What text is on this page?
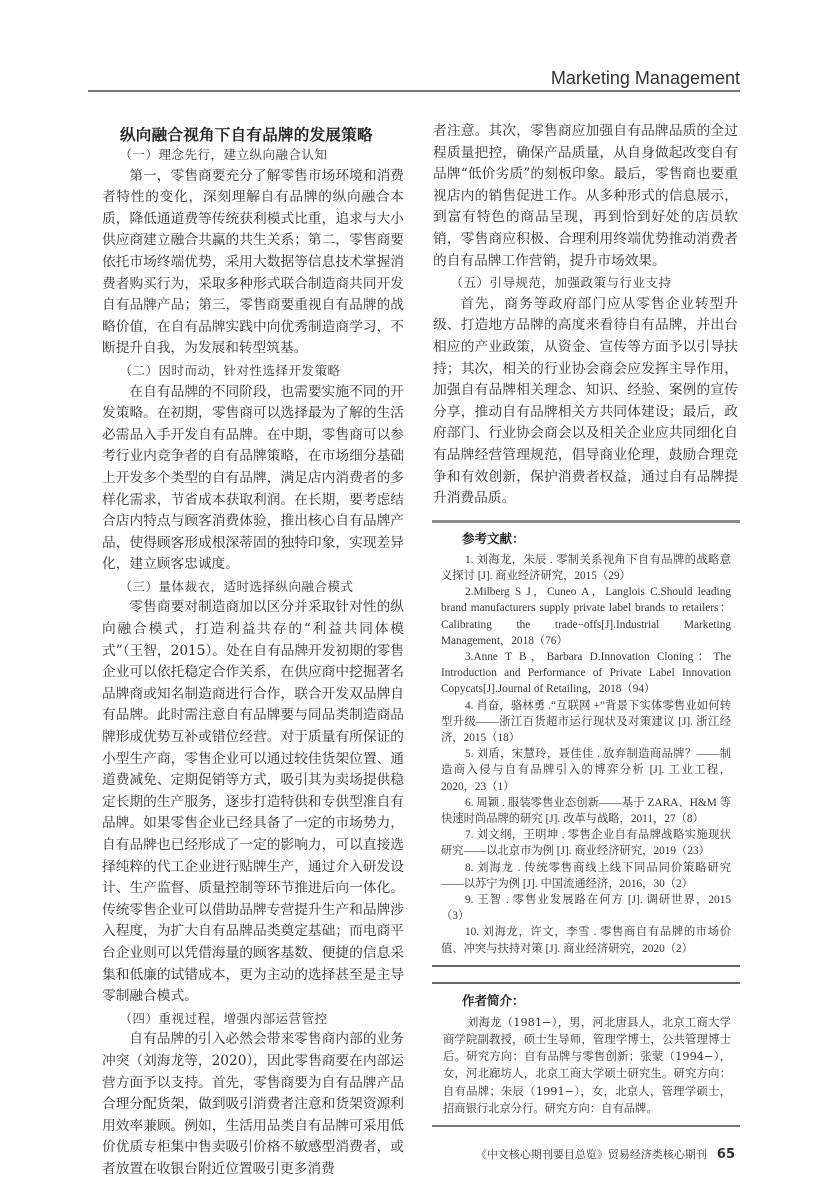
Marketing Management
纵向融合视角下自有品牌的发展策略
（一）理念先行，建立纵向融合认知

第一，零售商要充分了解零售市场环境和消费者特性的变化，深刻理解自有品牌的纵向融合本质，降低通道费等传统获利模式比重，追求与大小供应商建立融合共赢的共生关系；第二，零售商要依托市场终端优势，采用大数据等信息技术掌握消费者购买行为，采取多种形式联合制造商共同开发自有品牌产品；第三，零售商要重视自有品牌的战略价值，在自有品牌实践中向优秀制造商学习，不断提升自我，为发展和转型筑基。

（二）因时而动，针对性选择开发策略

在自有品牌的不同阶段，也需要实施不同的开发策略。在初期，零售商可以选择最为了解的生活必需品入手开发自有品牌。在中期，零售商可以参考行业内竞争者的自有品牌策略，在市场细分基础上开发多个类型的自有品牌，满足店内消费者的多样化需求，节省成本获取利润。在长期，要考虑结合店内特点与顾客消费体验，推出核心自有品牌产品，使得顾客形成根深蒂固的独特印象，实现差异化，建立顾客忠诚度。

（三）量体裁衣，适时选择纵向融合模式

零售商要对制造商加以区分并采取针对性的纵向融合模式，打造利益共存的“利益共同体模式”（王智，2015）。处在自有品牌开发初期的零售企业可以依托稳定合作关系，在供应商中挖掘著名品牌商或知名制造商进行合作，联合开发双品牌自有品牌。此时需注意自有品牌要与同品类制造商品牌形成优势互补或错位经营。对于质量有所保证的小型生产商，零售企业可以通过较佳货架位置、通道费减免、定期促销等方式，吸引其为卖场提供稳定长期的生产服务，逐步打造特供和专供型准自有品牌。如果零售企业已经具备了一定的市场势力，自有品牌也已经形成了一定的影响力，可以直接选择纯粹的代工企业进行贴牌生产，通过介入研发设计、生产监督、质量控制等环节推进后向一体化。传统零售企业可以借助品牌专营提升生产和品牌涉入程度，为扩大自有品牌品类奠定基础；而电商平台企业则可以凭借海量的顾客基数、便捷的信息采集和低廉的试错成本，更为主动的选择甚至是主导零制融合模式。

（四）重视过程，增强内部运营管控

自有品牌的引入必然会带来零售商内部的业务冲突（刘海龙等，2020），因此零售商要在内部运营方面予以支持。首先，零售商要为自有品牌产品合理分配货架，做到吸引消费者注意和货架资源利用效率兼顾。例如，生活用品类自有品牌可采用低价优质专柜集中售卖吸引价格不敏感型消费者，或者放置在收银台附近位置吸引更多消费

者注意。其次，零售商应加强自有品牌品质的全过程质量把控，确保产品质量，从自身做起改变自有品牌“低价劣质”的刻板印象。最后，零售商也要重视店内的销售促进工作。从多种形式的信息展示，到富有特色的商品呈现，再到恰到好处的店员软销，零售商应积极、合理利用终端优势推动消费者的自有品牌工作营销，提升市场效果。

（五）引导规范，加强政策与行业支持

首先，商务等政府部门应从零售企业转型升级、打造地方品牌的高度来看待自有品牌，并出台相应的产业政策，从资金、宣传等方面予以引导扶持；其次，相关的行业协会商会应发挥主导作用，加强自有品牌相关理念、知识、经验、案例的宣传分享，推动自有品牌相关方共同体建设；最后，政府部门、行业协会商会以及相关企业应共同细化自有品牌经营管理规范，倡导商业伦理，鼓励合理竞争和有效创新，保护消费者权益，通过自有品牌提升消费品质。

参考文献：

1. 刘海龙，朱辰 . 零制关系视角下自有品牌的战略意义探讨 [J]. 商业经济研究，2015（29）

2.Milberg S J，Cuneo A，Langlois C.Should leading brand manufacturers supply private label brands to retailers：Calibrating the trade−offs[J].Industrial Marketing Management，2018（76）

3.Anne T B，Barbara D.Innovation Cloning：The Introduction and Performance of Private Label Innovation Copycats[J].Journal of Retailing，2018（94）

4. 肖奋，骆林勇 .“互联网 +”背景下实体零售业如何转型升级——浙江百货超市运行现状及对策建议 [J]. 浙江经济，2015（18）

5. 刘盾，宋慧玲，聂佳佳 . 放弃制造商品牌？——制造商入侵与自有品牌引入的博弈分析 [J]. 工业工程，2020，23（1）

6. 周颖 . 服装零售业态创新——基于 ZARA、H&M 等快速时尚品牌的研究 [J]. 改革与战略，2011，27（8）

7. 刘文纲，王明坤 . 零售企业自有品牌战略实施现状研究——以北京市为例 [J]. 商业经济研究，2019（23）

8. 刘海龙 . 传统零售商线上线下同品同价策略研究——以苏宁为例 [J]. 中国流通经济，2016，30（2）

9. 王智 . 零售业发展路在何方 [J]. 调研世界，2015（3）

10. 刘海龙，许文，李雪 . 零售商自有品牌的市场价值、冲突与扶持对策 [J]. 商业经济研究，2020（2）

作者简介：

刘海龙（1981−），男，河北唐县人，北京工商大学商学院副教授，硕士生导师，管理学博士，公共管理博士后。研究方向：自有品牌与零售创新；张蒙（1994−），女，河北廊坊人，北京工商大学硕士研究生。研究方向：自有品牌；朱辰（1991−），女，北京人，管理学硕士，招商银行北京分行。研究方向：自有品牌。

《中文核心期刊要目总览》贸易经济类核心期刊 65
